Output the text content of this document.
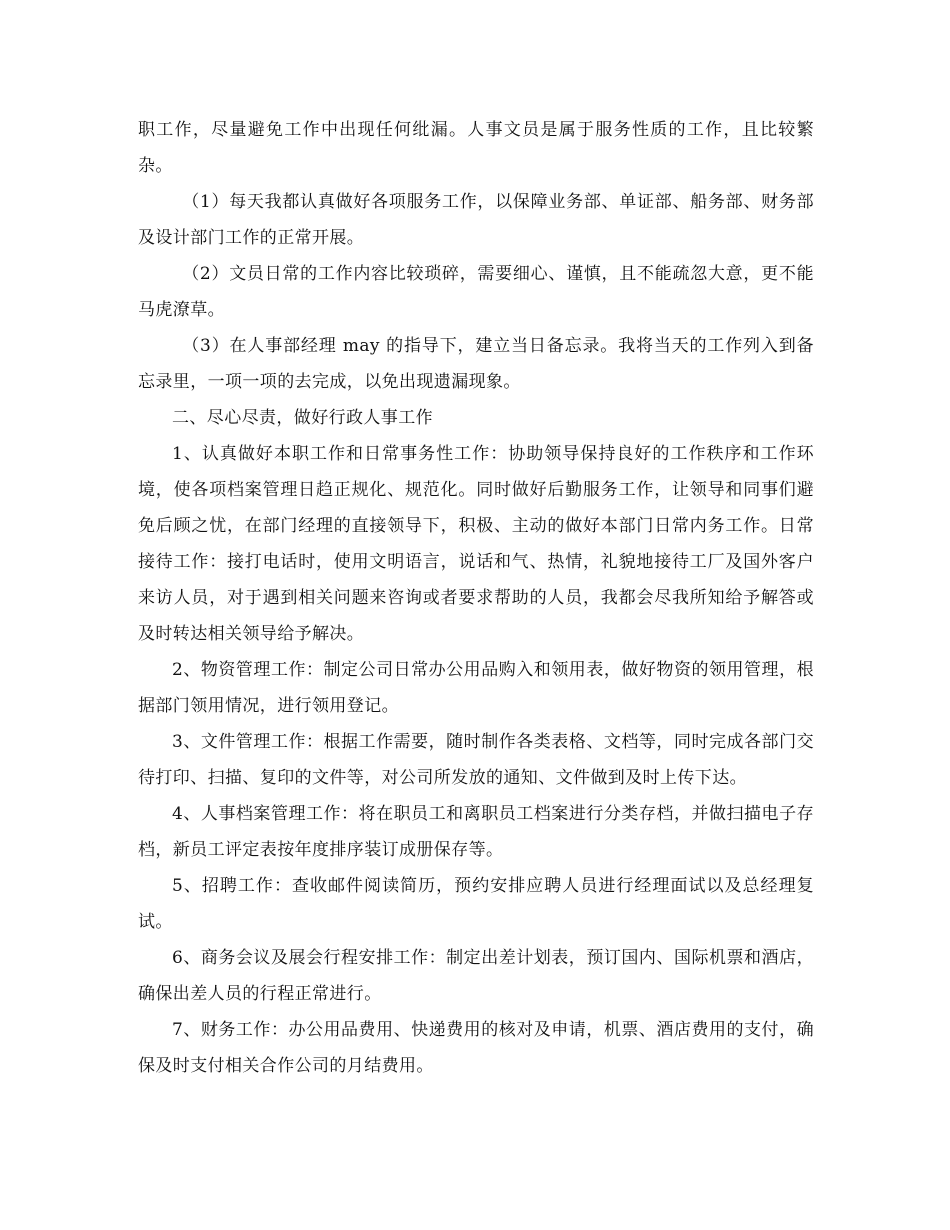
职工作，尽量避免工作中出现任何纰漏。人事文员是属于服务性质的工作，且比较繁杂。

（1）每天我都认真做好各项服务工作，以保障业务部、单证部、船务部、财务部及设计部门工作的正常开展。

（2）文员日常的工作内容比较琐碎，需要细心、谨慎，且不能疏忽大意，更不能马虎潦草。

（3）在人事部经理 may 的指导下，建立当日备忘录。我将当天的工作列入到备忘录里，一项一项的去完成，以免出现遗漏现象。

二、尽心尽责，做好行政人事工作

1、认真做好本职工作和日常事务性工作：协助领导保持良好的工作秩序和工作环境，使各项档案管理日趋正规化、规范化。同时做好后勤服务工作，让领导和同事们避免后顾之忧，在部门经理的直接领导下，积极、主动的做好本部门日常内务工作。日常接待工作：接打电话时，使用文明语言，说话和气、热情，礼貌地接待工厂及国外客户来访人员，对于遇到相关问题来咨询或者要求帮助的人员，我都会尽我所知给予解答或及时转达相关领导给予解决。

2、物资管理工作：制定公司日常办公用品购入和领用表，做好物资的领用管理，根据部门领用情况，进行领用登记。

3、文件管理工作：根据工作需要，随时制作各类表格、文档等，同时完成各部门交待打印、扫描、复印的文件等，对公司所发放的通知、文件做到及时上传下达。

4、人事档案管理工作：将在职员工和离职员工档案进行分类存档，并做扫描电子存档，新员工评定表按年度排序装订成册保存等。

5、招聘工作：查收邮件阅读简历，预约安排应聘人员进行经理面试以及总经理复试。

6、商务会议及展会行程安排工作：制定出差计划表，预订国内、国际机票和酒店，确保出差人员的行程正常进行。

7、财务工作：办公用品费用、快递费用的核对及申请，机票、酒店费用的支付，确保及时支付相关合作公司的月结费用。
